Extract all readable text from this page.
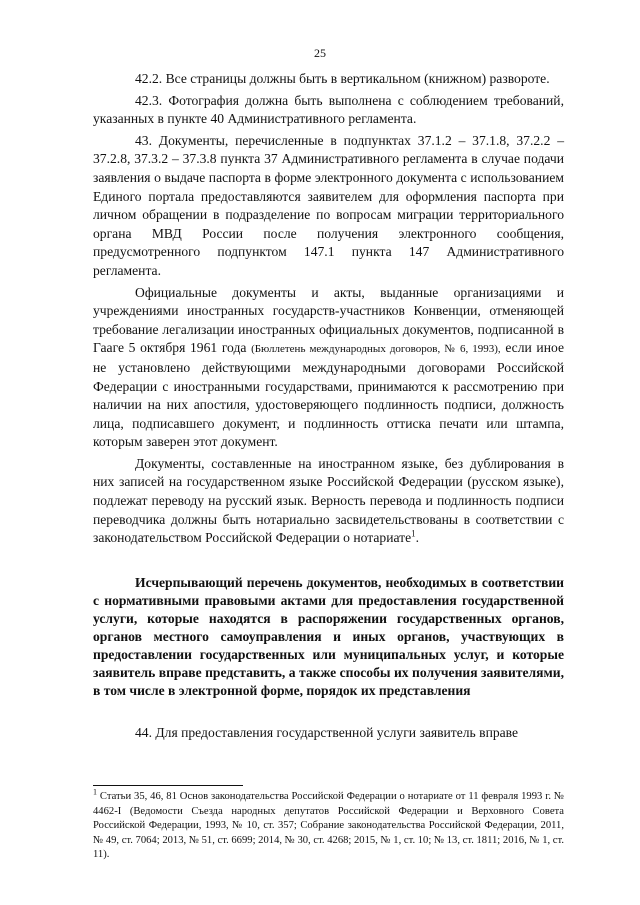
25

42.2. Все страницы должны быть в вертикальном (книжном) развороте.

42.3. Фотография должна быть выполнена с соблюдением требований, указанных в пункте 40 Административного регламента.

43. Документы, перечисленные в подпунктах 37.1.2 – 37.1.8, 37.2.2 – 37.2.8, 37.3.2 – 37.3.8 пункта 37 Административного регламента в случае подачи заявления о выдаче паспорта в форме электронного документа с использованием Единого портала предоставляются заявителем для оформления паспорта при личном обращении в подразделение по вопросам миграции территориального органа МВД России после получения электронного сообщения, предусмотренного подпунктом 147.1 пункта 147 Административного регламента.

Официальные документы и акты, выданные организациями и учреждениями иностранных государств-участников Конвенции, отменяющей требование легализации иностранных официальных документов, подписанной в Гааге 5 октября 1961 года (Бюллетень международных договоров, № 6, 1993), если иное не установлено действующими международными договорами Российской Федерации с иностранными государствами, принимаются к рассмотрению при наличии на них апостиля, удостоверяющего подлинность подписи, должность лица, подписавшего документ, и подлинность оттиска печати или штампа, которым заверен этот документ.

Документы, составленные на иностранном языке, без дублирования в них записей на государственном языке Российской Федерации (русском языке), подлежат переводу на русский язык. Верность перевода и подлинность подписи переводчика должны быть нотариально засвидетельствованы в соответствии с законодательством Российской Федерации о нотариате$^1$.

Исчерпывающий перечень документов, необходимых в соответствии с нормативными правовыми актами для предоставления государственной услуги, которые находятся в распоряжении государственных органов, органов местного самоуправления и иных органов, участвующих в предоставлении государственных или муниципальных услуг, и которые заявитель вправе представить, а также способы их получения заявителями, в том числе в электронной форме, порядок их представления

44. Для предоставления государственной услуги заявитель вправе

$^1$ Статьи 35, 46, 81 Основ законодательства Российской Федерации о нотариате от 11 февраля 1993 г. № 4462-I (Ведомости Съезда народных депутатов Российской Федерации и Верховного Совета Российской Федерации, 1993, № 10, ст. 357; Собрание законодательства Российской Федерации, 2011, № 49, ст. 7064; 2013, № 51, ст. 6699; 2014, № 30, ст. 4268; 2015, № 1, ст. 10; № 13, ст. 1811; 2016, № 1, ст. 11).
